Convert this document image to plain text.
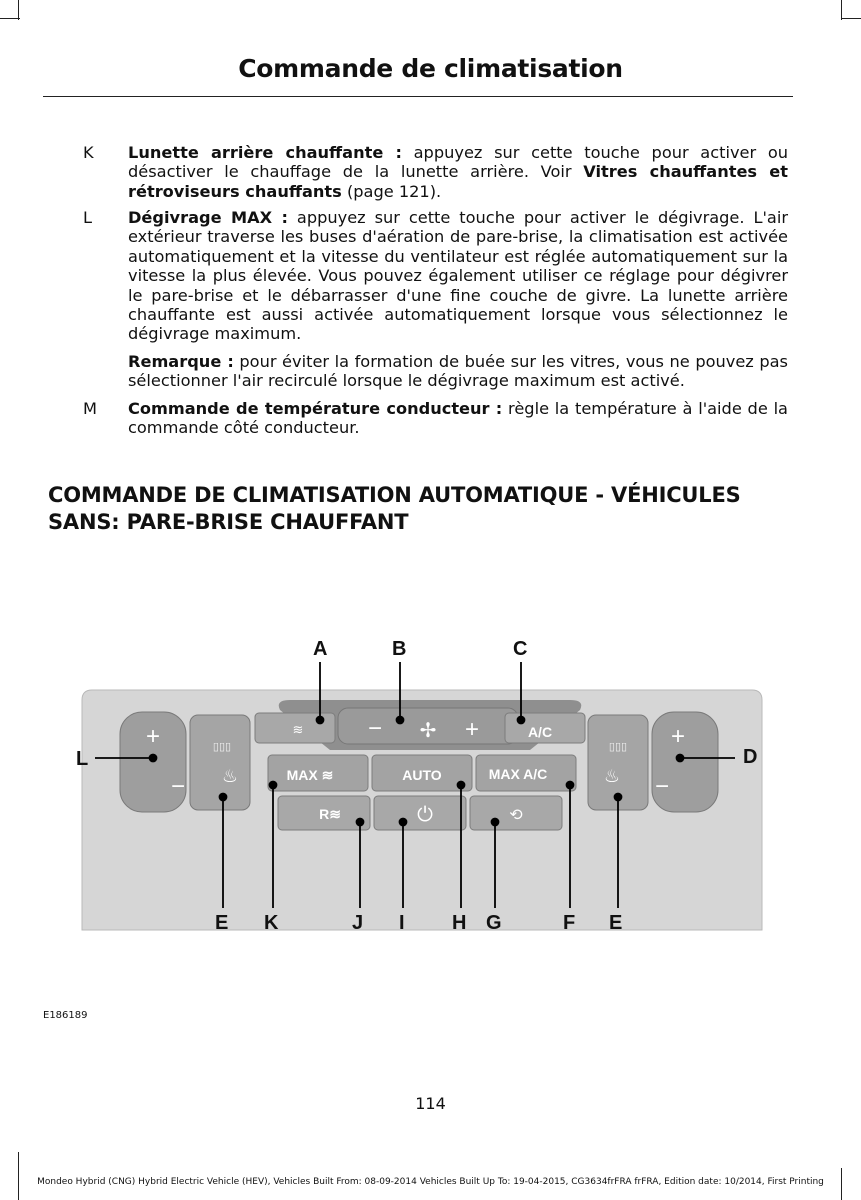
Commande de climatisation
K	Lunette arrière chauffante : appuyez sur cette touche pour activer ou désactiver le chauffage de la lunette arrière. Voir Vitres chauffantes et rétroviseurs chauffants (page 121).
L	Dégivrage MAX : appuyez sur cette touche pour activer le dégivrage. L'air extérieur traverse les buses d'aération de pare-brise, la climatisation est activée automatiquement et la vitesse du ventilateur est réglée automatiquement sur la vitesse la plus élevée. Vous pouvez également utiliser ce réglage pour dégivrer le pare-brise et le débarrasser d'une fine couche de givre. La lunette arrière chauffante est aussi activée automatiquement lorsque vous sélectionnez le dégivrage maximum.
Remarque : pour éviter la formation de buée sur les vitres, vous ne pouvez pas sélectionner l'air recirculé lorsque le dégivrage maximum est activé.
M	Commande de température conducteur : règle la température à l'aide de la commande côté conducteur.
COMMANDE DE CLIMATISATION AUTOMATIQUE - VÉHICULES SANS: PARE-BRISE CHAUFFANT
+
−
▯▯▯
♨
▯▯▯
♨
+
−
− ✢ +
≋	A/C
MAX ≋	AUTO	MAX A/C
R≋	⏻	⟲
A	B	C
D
E	E
F
G
H
I
J
K
L
E186189
114
Mondeo Hybrid (CNG) Hybrid Electric Vehicle (HEV), Vehicles Built From: 08-09-2014 Vehicles Built Up To: 19-04-2015, CG3634frFRA frFRA, Edition date: 10/2014, First Printing
